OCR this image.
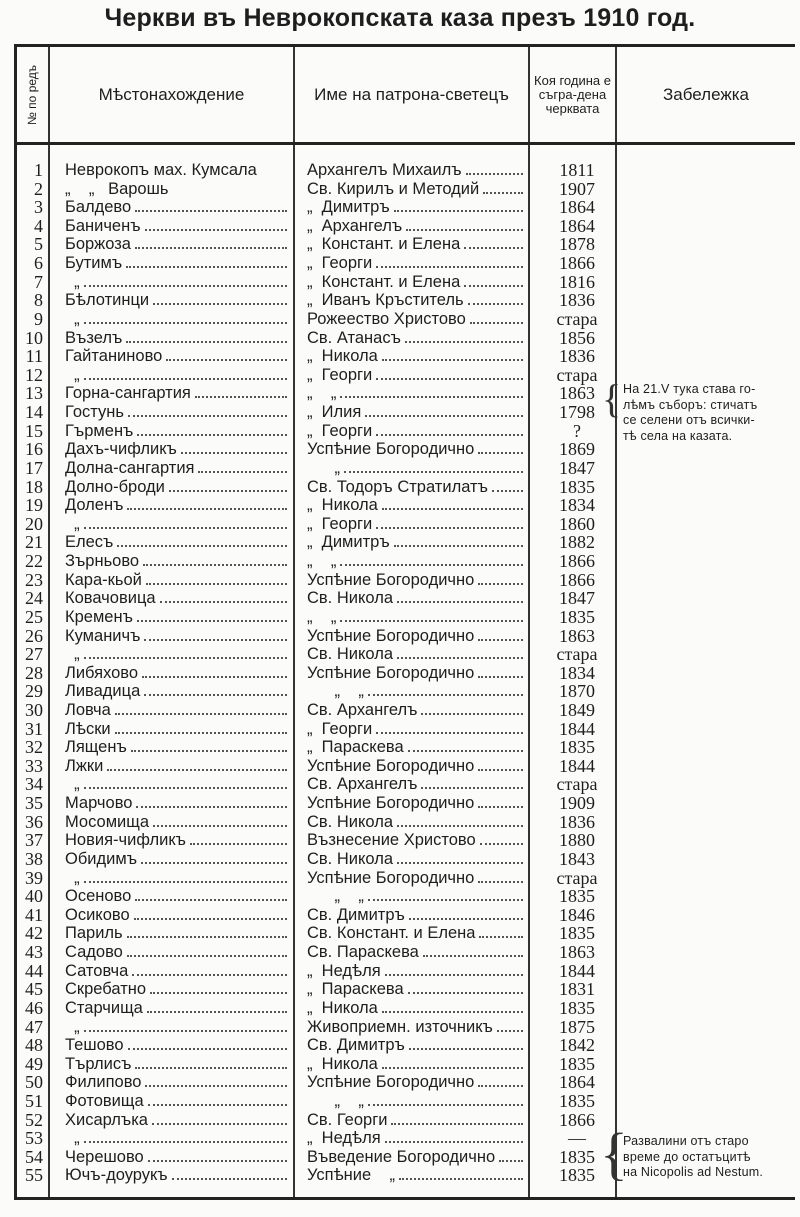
Черкви въ Неврокопската каза презъ 1910 год.
№ по редъ	Мѣстонахождение	Име на патрона-светецъ
Коя година е съгра-дена черквата
Забележка
1 Неврокопъ мах. Кумсала	Архангелъ Михаилъ	1811
2 „    „   Варошь	Св. Кирилъ и Методий	1907
3 Балдево	„  Димитръ	1864
4 Баниченъ	„  Архангелъ	1864
5 Боржоза	„  Констант. и Елена	1878
6 Бутимъ	„  Георги	1866
7 „	„  Констант. и Елена	1816
8 Бѣлотинци	„  Иванъ Кръститель	1836
9 „	Рожеество Христово	стара
10 Възелъ	Св. Атанасъ	1856
11 Гайтаниново	„  Никола	1836
12 „	„  Георги	стара
13 Горна-сангартия	„    „	1863
14 Гостунь	„  Илия	1798
15 Гърменъ	„  Георги	?
16 Дахъ-чифликъ	Успѣние Богородично	1869
17 Долна-сангартия	„	1847
18 Долно-броди	Св. Тодоръ Стратилатъ	1835
19 Доленъ	„  Никола	1834
20 „	„  Георги	1860
21 Елесъ	„  Димитръ	1882
22 Зърньово	„    „	1866
23 Кара-кьой	Успѣние Богородично	1866
24 Ковачовица	Св. Никола	1847
25 Кременъ	„    „	1835
26 Куманичъ	Успѣние Богородично	1863
27 „	Св. Никола	стара
28 Либяхово	Успѣние Богородично	1834
29 Ливадица	„    „	1870
30 Ловча	Св. Архангелъ	1849
31 Лѣски	„  Георги	1844
32 Лященъ	„  Параскева	1835
33 Лжки	Успѣние Богородично	1844
34 „	Св. Архангелъ	стара
35 Марчово	Успѣние Богородично	1909
36 Мосомища	Св. Никола	1836
37 Новия-чифликъ	Възнесение Христово	1880
38 Обидимъ	Св. Никола	1843
39 „	Успѣние Богородично	стара
40 Осеново	„    „	1835
41 Осиково	Св. Димитръ	1846
42 Париль	Св. Констант. и Елена	1835
43 Садово	Св. Параскева	1863
44 Сатовча	„  Недѣля	1844
45 Скребатно	„  Параскева	1831
46 Старчища	„  Никола	1835
47 „	Живоприемн. източникъ	1875
48 Тешово	Св. Димитръ	1842
49 Търлисъ	„  Никола	1835
50 Филипово	Успѣние Богородично	1864
51 Фотовища	„    „	1835
52 Хисарлъка	Св. Георги	1866
53 „	„  Недѣля	—
54 Черешово	Въведение Богородично	1835
55 Ючъ-доурукъ	Успѣние    „	1835
{ На 21.V тука става го-
лѣмъ съборъ: стичатъ
се селени отъ всички-
тѣ села на казата.
{
Развалини отъ старо
време до остатъцитѣ
на Nicopolis ad Nestum.
